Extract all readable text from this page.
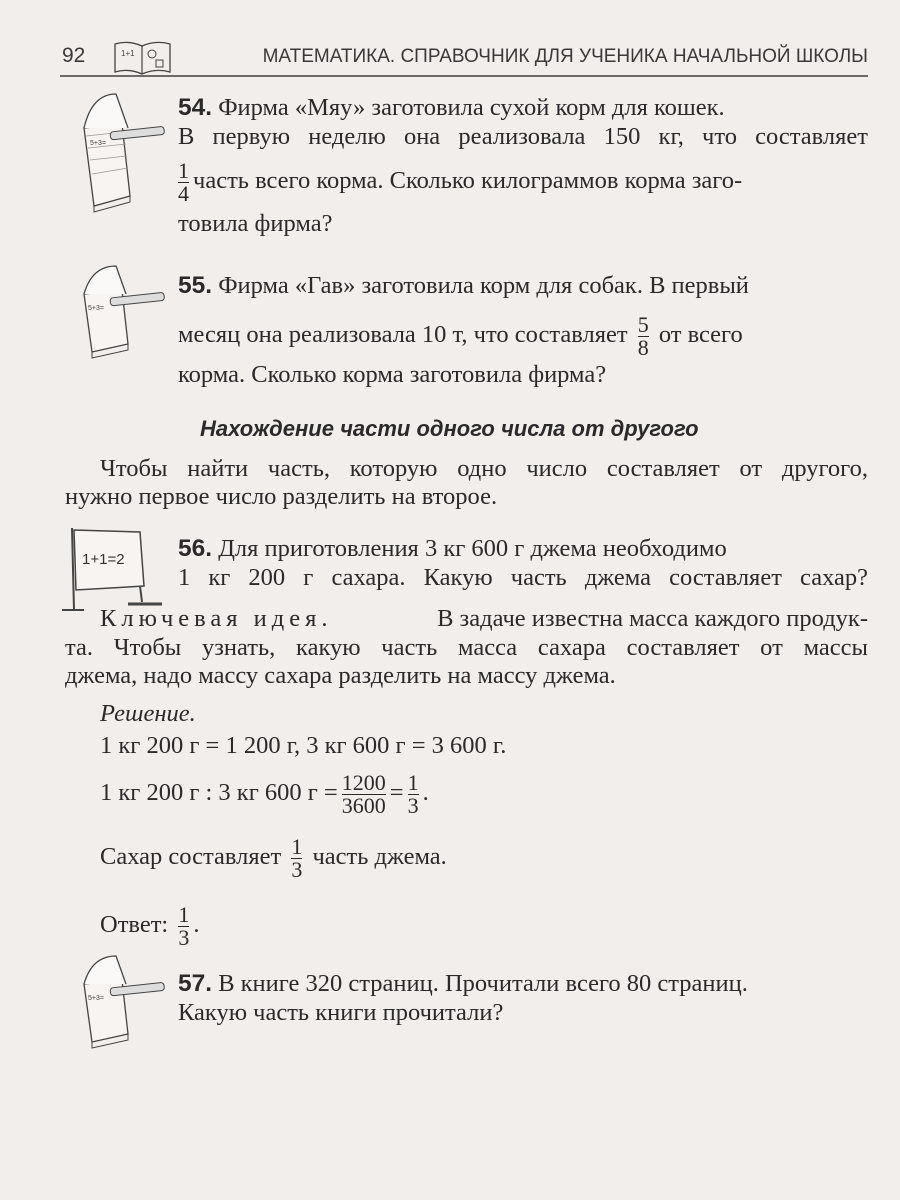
92	1+1	МАТЕМАТИКА. СПРАВОЧНИК ДЛЯ УЧЕНИКА НАЧАЛЬНОЙ ШКОЛЫ
5+3=
54. Фирма «Мяу» заготовила сухой корм для кошек.
В первую неделю она реализовала 150 кг, что составляет
$\frac{1}{4}$ часть всего корма. Сколько килограммов корма заго-
товила фирма?
5+3=
55. Фирма «Гав» заготовила корм для собак. В первый
месяц она реализовала 10 т, что составляет $\frac{5}{8}$ от всего
корма. Сколько корма заготовила фирма?
Нахождение части одного числа от другого
Чтобы найти часть, которую одно число составляет от другого,
нужно первое число разделить на второе.
1+1=2 56. Для приготовления 3 кг 600 г джема необходимо
1 кг 200 г сахара. Какую часть джема составляет сахар?
Ключевая идея.	В задаче известна масса каждого продук-
та. Чтобы узнать, какую часть масса сахара составляет от массы
джема, надо массу сахара разделить на массу джема.
Решение.
1 кг 200 г = 1 200 г, 3 кг 600 г = 3 600 г.
1 кг 200 г : 3 кг 600 $г = \frac{1200}{3600} = \frac{1}{3}$ .
Сахар составляет $\frac{1}{3}$ часть джема.
Ответ: $\frac{1}{3}$ .
5+3=
57. В книге 320 страниц. Прочитали всего 80 страниц.
Какую часть книги прочитали?
